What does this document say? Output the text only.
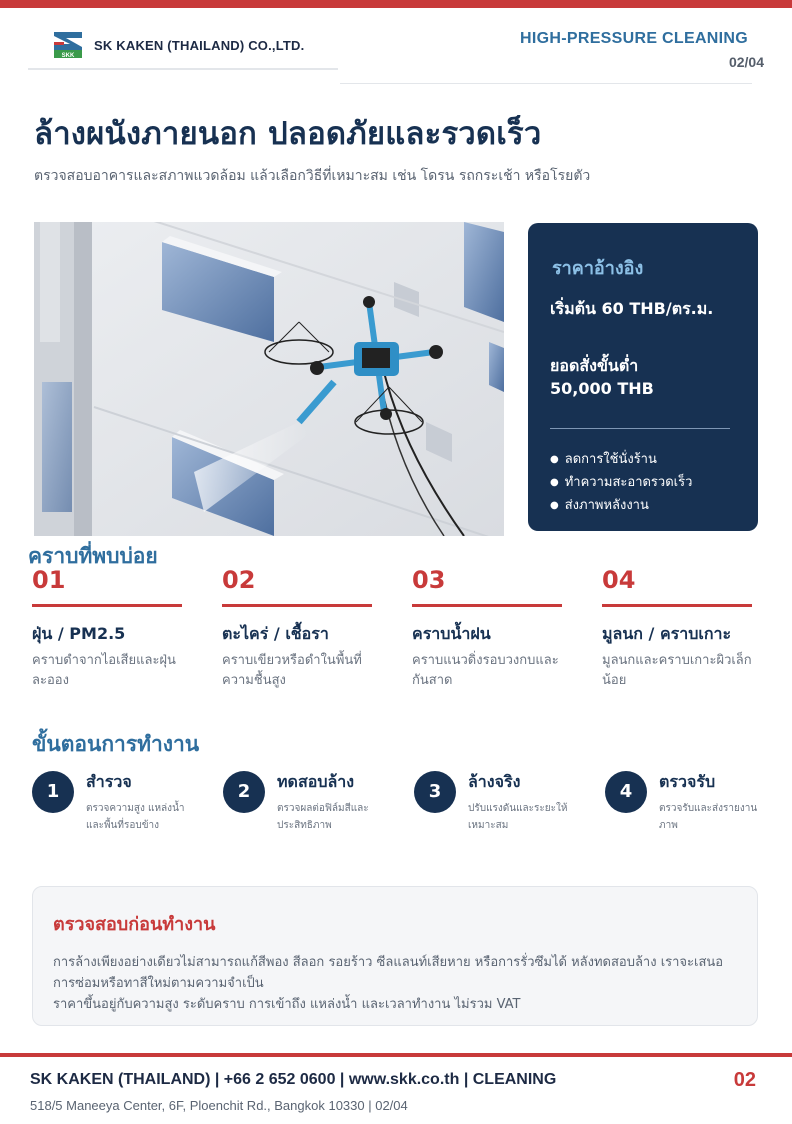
SKK
SK KAKEN (THAILAND) CO.,LTD.	HIGH-PRESSURE CLEANING
02/04
ล้างผนังภายนอก ปลอดภัยและรวดเร็ว

ตรวจสอบอาคารและสภาพแวดล้อม แล้วเลือกวิธีที่เหมาะสม เช่น โดรน รถกระเช้า หรือโรยตัว

ราคาอ้างอิง
เริ่มต้น 60 THB/ตร.ม.
ยอดสั่งขั้นต่ำ
50,000 THB
● ลดการใช้นั่งร้าน
● ทำความสะอาดรวดเร็ว
● ส่งภาพหลังงาน
คราบที่พบบ่อย
01
ฝุ่น / PM2.5
คราบดำจากไอเสียและฝุ่นละออง
02
ตะไคร่ / เชื้อรา
คราบเขียวหรือดำในพื้นที่ความชื้นสูง
03
คราบน้ำฝน
คราบแนวดิ่งรอบวงกบและกันสาด
04
มูลนก / คราบเกาะ
มูลนกและคราบเกาะผิวเล็กน้อย
ขั้นตอนการทำงาน
1	สำรวจ
ตรวจความสูง แหล่งน้ำและพื้นที่รอบข้าง
2	ทดสอบล้าง
ตรวจผลต่อฟิล์มสีและประสิทธิภาพ
3	ล้างจริง
ปรับแรงดันและระยะให้เหมาะสม
4	ตรวจรับ
ตรวจรับและส่งรายงานภาพ
ตรวจสอบก่อนทำงาน
การล้างเพียงอย่างเดียวไม่สามารถแก้สีพอง สีลอก รอยร้าว ซีลแลนท์เสียหาย หรือการรั่วซึมได้ หลังทดสอบล้าง เราจะเสนอการซ่อมหรือทาสีใหม่ตามความจำเป็น
ราคาขึ้นอยู่กับความสูง ระดับคราบ การเข้าถึง แหล่งน้ำ และเวลาทำงาน ไม่รวม VAT
SK KAKEN (THAILAND) | +66 2 652 0600 | www.skk.co.th | CLEANING	02
518/5 Maneeya Center, 6F, Ploenchit Rd., Bangkok 10330 | 02/04
